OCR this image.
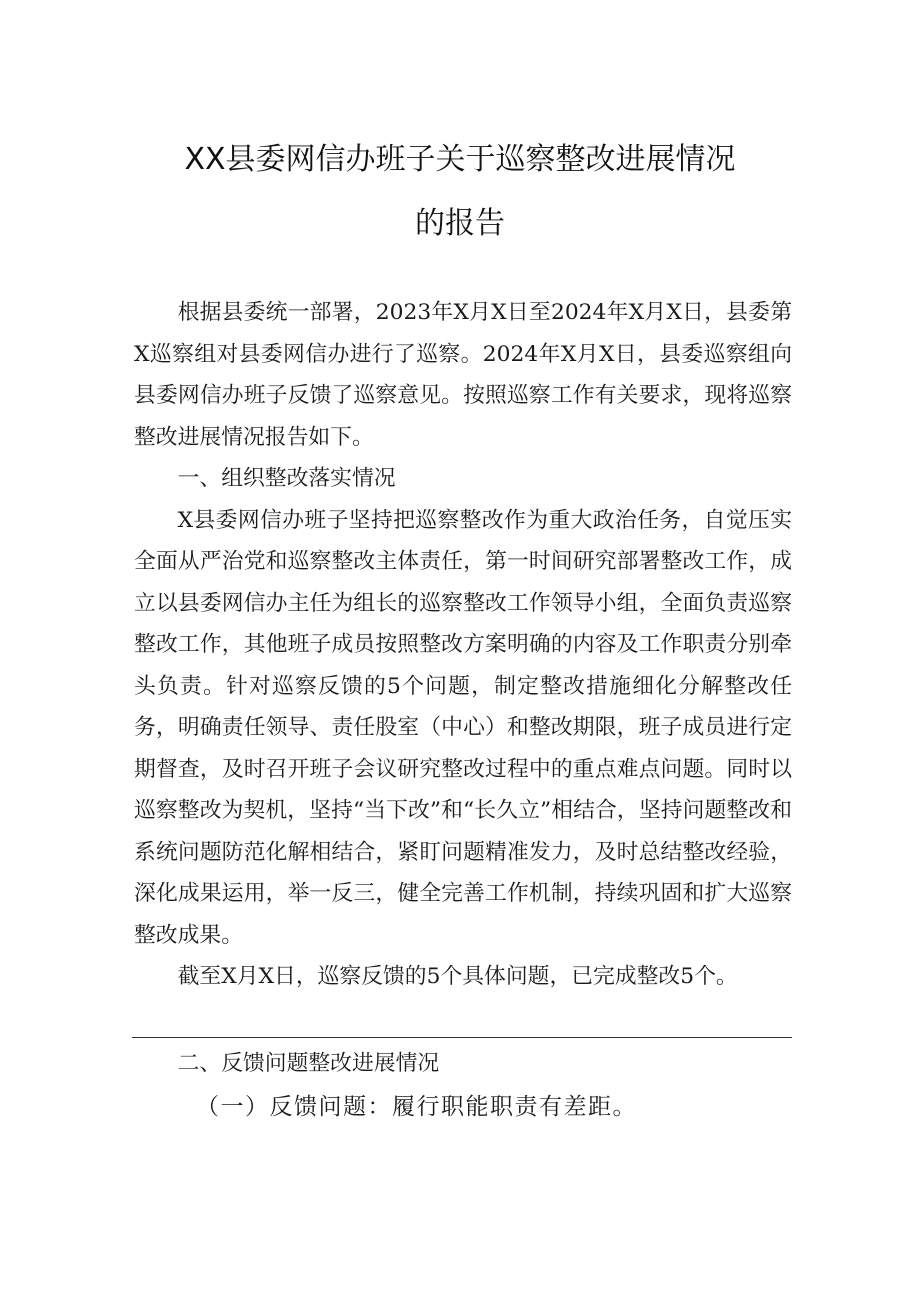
XX县委网信办班子关于巡察整改进展情况
的报告

根据县委统一部署，2023年X月X日至2024年X月X日，县委第X巡察组对县委网信办进行了巡察。2024年X月X日，县委巡察组向县委网信办班子反馈了巡察意见。按照巡察工作有关要求，现将巡察整改进展情况报告如下。

一、组织整改落实情况

X县委网信办班子坚持把巡察整改作为重大政治任务，自觉压实全面从严治党和巡察整改主体责任，第一时间研究部署整改工作，成立以县委网信办主任为组长的巡察整改工作领导小组，全面负责巡察整改工作，其他班子成员按照整改方案明确的内容及工作职责分别牵头负责。针对巡察反馈的5个问题，制定整改措施细化分解整改任务，明确责任领导、责任股室（中心）和整改期限，班子成员进行定期督查，及时召开班子会议研究整改过程中的重点难点问题。同时以巡察整改为契机，坚持“当下改”和“长久立”相结合，坚持问题整改和系统问题防范化解相结合，紧盯问题精准发力，及时总结整改经验，深化成果运用，举一反三，健全完善工作机制，持续巩固和扩大巡察整改成果。

截至X月X日，巡察反馈的5个具体问题，已完成整改5个。

二、反馈问题整改进展情况

（一）反馈问题：履行职能职责有差距。
